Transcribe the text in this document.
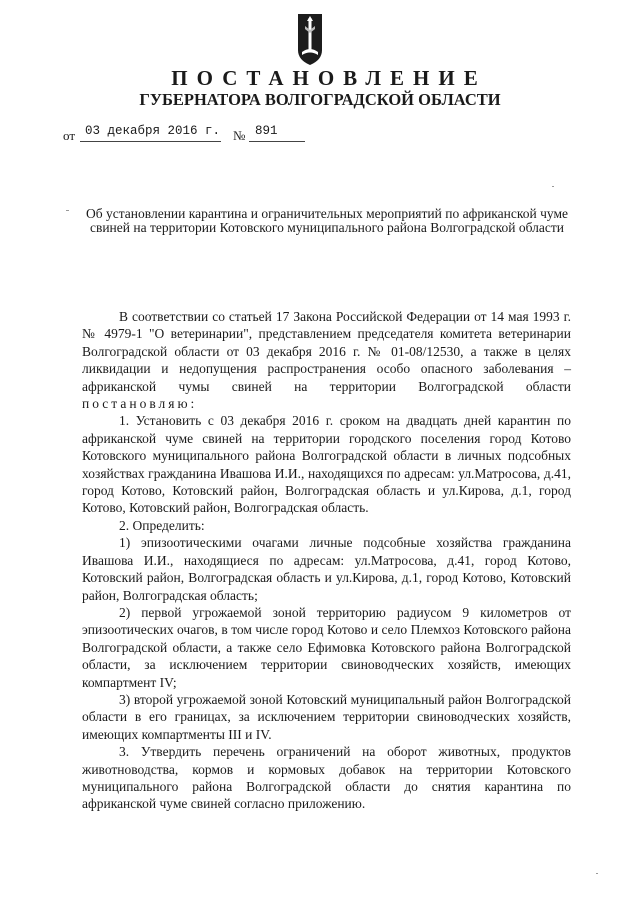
ПОСТАНОВЛЕНИЕ
ГУБЕРНАТОРА ВОЛГОГРАДСКОЙ ОБЛАСТИ
от 03 декабря 2016 г. № 891
Об установлении карантина и ограничительных мероприятий по африканской чуме свиней на территории Котовского муниципального района Волгоградской области

В соответствии со статьей 17 Закона Российской Федерации от 14 мая 1993 г. № 4979-1 "О ветеринарии", представлением председателя комитета ветеринарии Волгоградской области от 03 декабря 2016 г. № 01-08/12530, а также в целях ликвидации и недопущения распространения особо опасного заболевания – африканской чумы свиней на территории Волгоградской области постановляю:

1. Установить с 03 декабря 2016 г. сроком на двадцать дней карантин по африканской чуме свиней на территории городского поселения город Котово Котовского муниципального района Волгоградской области в личных подсобных хозяйствах гражданина Ивашова И.И., находящихся по адресам: ул.Матросова, д.41, город Котово, Котовский район, Волгоградская область и ул.Кирова, д.1, город Котово, Котовский район, Волгоградская область.

2. Определить:

1) эпизоотическими очагами личные подсобные хозяйства гражданина Ивашова И.И., находящиеся по адресам: ул.Матросова, д.41, город Котово, Котовский район, Волгоградская область и ул.Кирова, д.1, город Котово, Котовский район, Волгоградская область;

2) первой угрожаемой зоной территорию радиусом 9 километров от эпизоотических очагов, в том числе город Котово и село Племхоз Котовского района Волгоградской области, а также село Ефимовка Котовского района Волгоградской области, за исключением территории свиноводческих хозяйств, имеющих компартмент IV;

3) второй угрожаемой зоной Котовский муниципальный район Волгоградской области в его границах, за исключением территории свиноводческих хозяйств, имеющих компартменты III и IV.

3. Утвердить перечень ограничений на оборот животных, продуктов животноводства, кормов и кормовых добавок на территории Котовского муниципального района Волгоградской области до снятия карантина по африканской чуме свиней согласно приложению.
